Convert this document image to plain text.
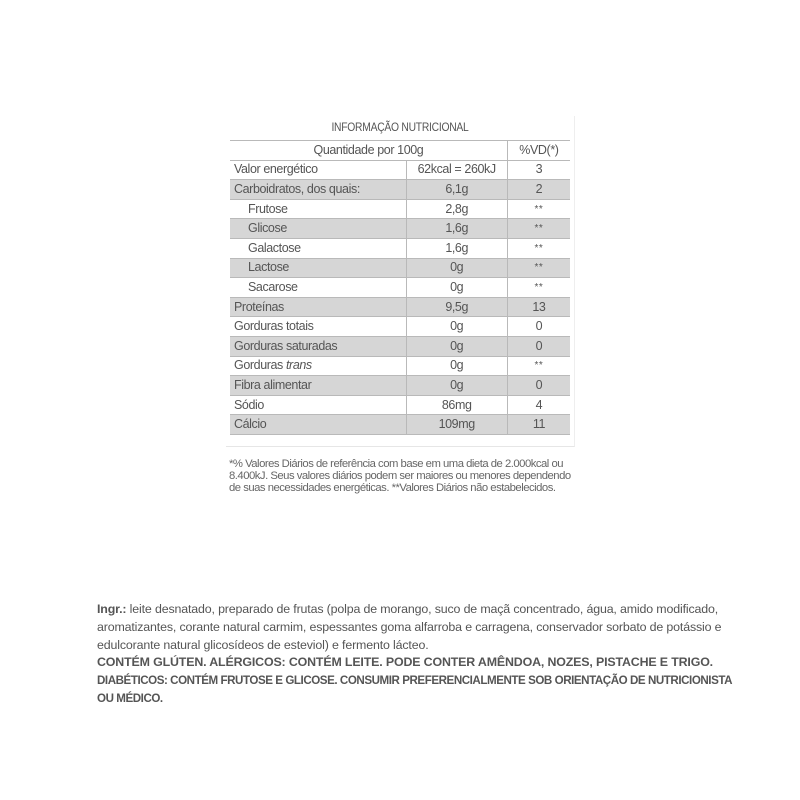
INFORMAÇÃO NUTRICIONAL
Quantidade por 100g		%VD(*)
Valor energético	62kcal = 260kJ	3
Carboidratos, dos quais:	6,1g	2
Frutose	2,8g	**
Glicose	1,6g	**
Galactose	1,6g	**
Lactose	0g	**
Sacarose	0g	**
Proteínas	9,5g	13
Gorduras totais	0g	0
Gorduras saturadas	0g	0
Gorduras trans	0g	**
Fibra alimentar	0g	0
Sódio	86mg	4
Cálcio	109mg	11
*% Valores Diários de referência com base em uma dieta de 2.000kcal ou 8.400kJ. Seus valores diários podem ser maiores ou menores dependendo de suas necessidades energéticas. **Valores Diários não estabelecidos.
Ingr.: leite desnatado, preparado de frutas (polpa de morango, suco de maçã concentrado, água, amido modificado, aromatizantes, corante natural carmim, espessantes goma alfarroba e carragena, conservador sorbato de potássio e edulcorante natural glicosídeos de esteviol) e fermento lácteo.
CONTÉM GLÚTEN. ALÉRGICOS: CONTÉM LEITE. PODE CONTER AMÊNDOA, NOZES, PISTACHE E TRIGO.
DIABÉTICOS: CONTÉM FRUTOSE E GLICOSE. CONSUMIR PREFERENCIALMENTE SOB ORIENTAÇÃO DE NUTRICIONISTA OU MÉDICO.
